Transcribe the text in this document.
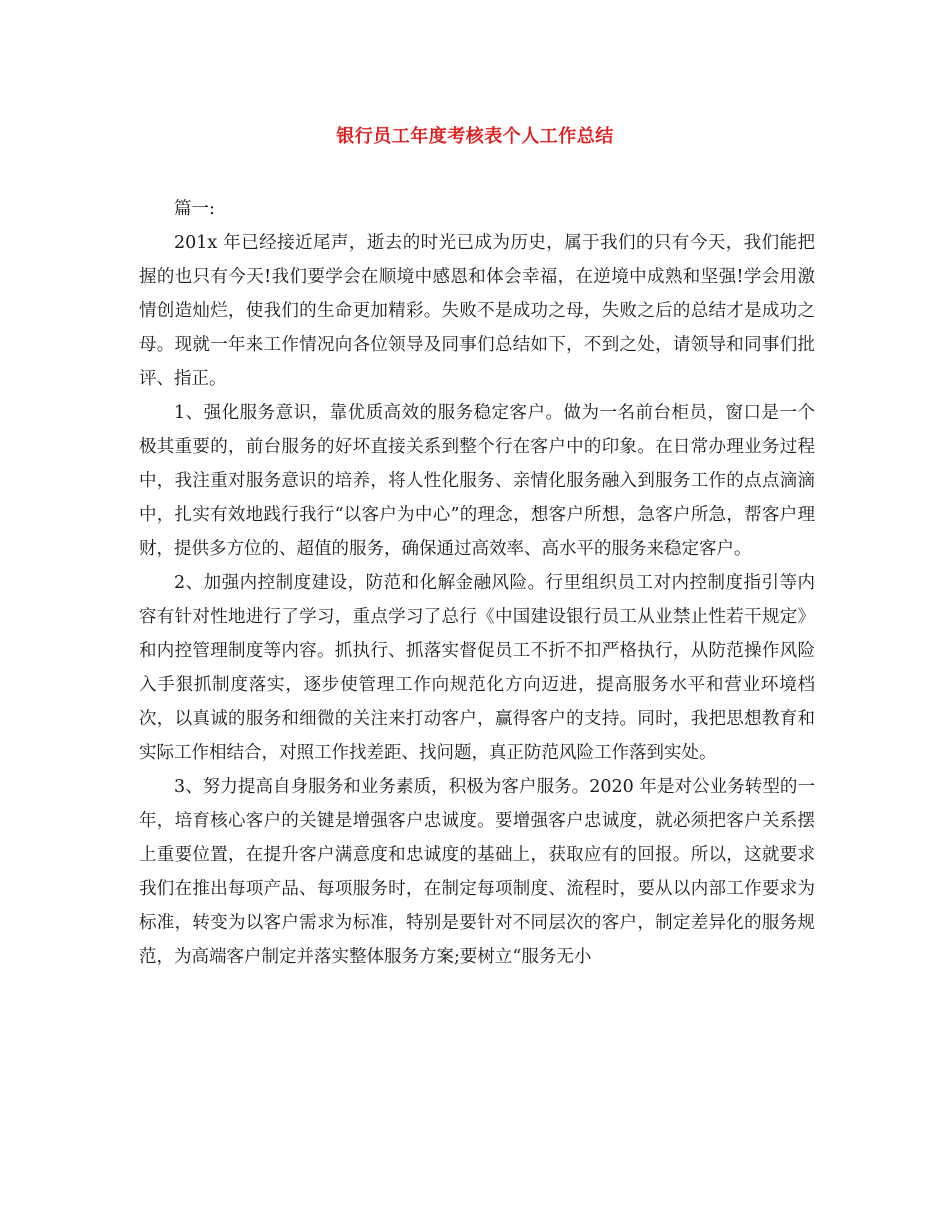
银行员工年度考核表个人工作总结

篇一:

201x 年已经接近尾声，逝去的时光已成为历史，属于我们的只有今天，我们能把握的也只有今天!我们要学会在顺境中感恩和体会幸福，在逆境中成熟和坚强!学会用激情创造灿烂，使我们的生命更加精彩。失败不是成功之母，失败之后的总结才是成功之母。现就一年来工作情况向各位领导及同事们总结如下，不到之处，请领导和同事们批评、指正。

1、强化服务意识，靠优质高效的服务稳定客户。做为一名前台柜员，窗口是一个极其重要的，前台服务的好坏直接关系到整个行在客户中的印象。在日常办理业务过程中，我注重对服务意识的培养，将人性化服务、亲情化服务融入到服务工作的点点滴滴中，扎实有效地践行我行“以客户为中心”的理念，想客户所想，急客户所急，帮客户理财，提供多方位的、超值的服务，确保通过高效率、高水平的服务来稳定客户。

2、加强内控制度建设，防范和化解金融风险。行里组织员工对内控制度指引等内容有针对性地进行了学习，重点学习了总行《中国建设银行员工从业禁止性若干规定》和内控管理制度等内容。抓执行、抓落实督促员工不折不扣严格执行，从防范操作风险入手狠抓制度落实，逐步使管理工作向规范化方向迈进，提高服务水平和营业环境档次，以真诚的服务和细微的关注来打动客户，赢得客户的支持。同时，我把思想教育和实际工作相结合，对照工作找差距、找问题，真正防范风险工作落到实处。

3、努力提高自身服务和业务素质，积极为客户服务。2020 年是对公业务转型的一年，培育核心客户的关键是增强客户忠诚度。要增强客户忠诚度，就必须把客户关系摆上重要位置，在提升客户满意度和忠诚度的基础上，获取应有的回报。所以，这就要求我们在推出每项产品、每项服务时，在制定每项制度、流程时，要从以内部工作要求为标准，转变为以客户需求为标准，特别是要针对不同层次的客户，制定差异化的服务规范，为高端客户制定并落实整体服务方案;要树立“服务无小
